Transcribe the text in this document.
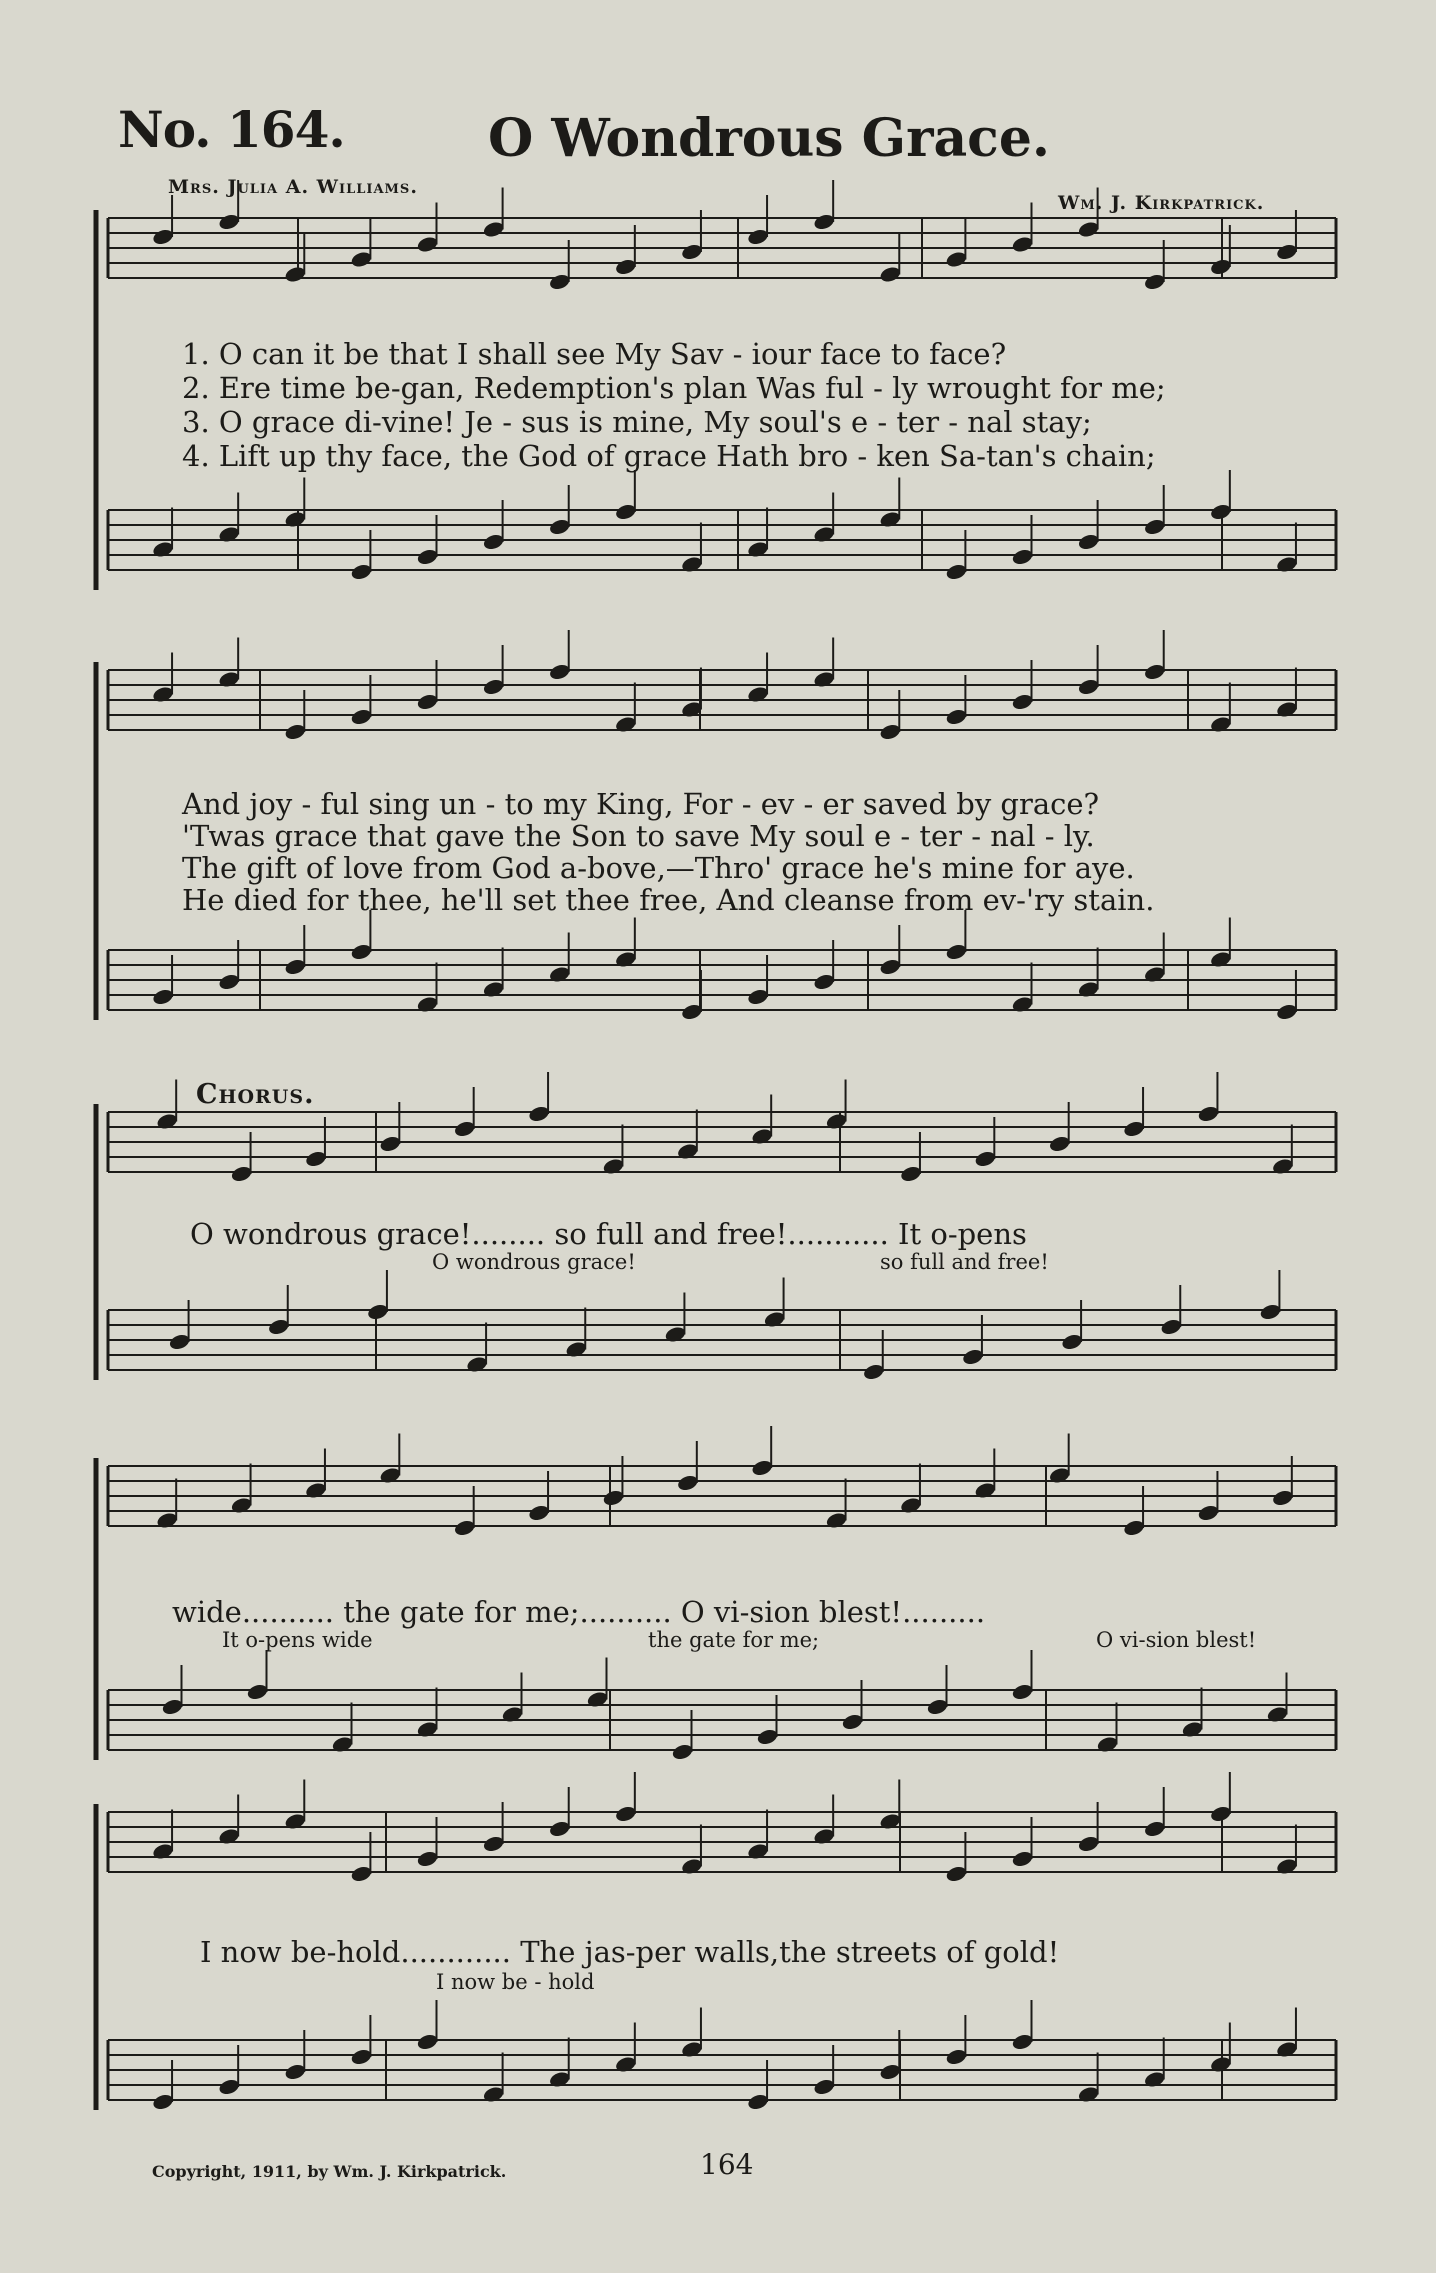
No. 164.	O Wondrous Grace.
Mrs. Julia A. Williams.
Wm. J. Kirkpatrick.
1. O can it be that I shall see My Sav - iour face to face?
2. Ere time be-gan, Redemption's plan Was ful - ly wrought for me;
3. O grace di-vine! Je - sus is mine, My soul's e - ter - nal stay;
4. Lift up thy face, the God of grace Hath bro - ken Sa-tan's chain;
And joy - ful sing un - to my King, For - ev - er saved by grace?
'Twas grace that gave the Son to save My soul e - ter - nal - ly.
The gift of love from God a-bove,—Thro' grace he's mine for aye.
He died for thee, he'll set thee free, And cleanse from ev-'ry stain.
Chorus.
O wondrous grace!........ so full and free!........... It o-pens
O wondrous grace!	so full and free!
wide.......... the gate for me;.......... O vi-sion blest!.........
It o-pens wide	the gate for me;	O vi-sion blest!
I now be-hold............ The jas-per walls,the streets of gold!
I now be - hold
Copyright, 1911, by Wm. J. Kirkpatrick.	164
